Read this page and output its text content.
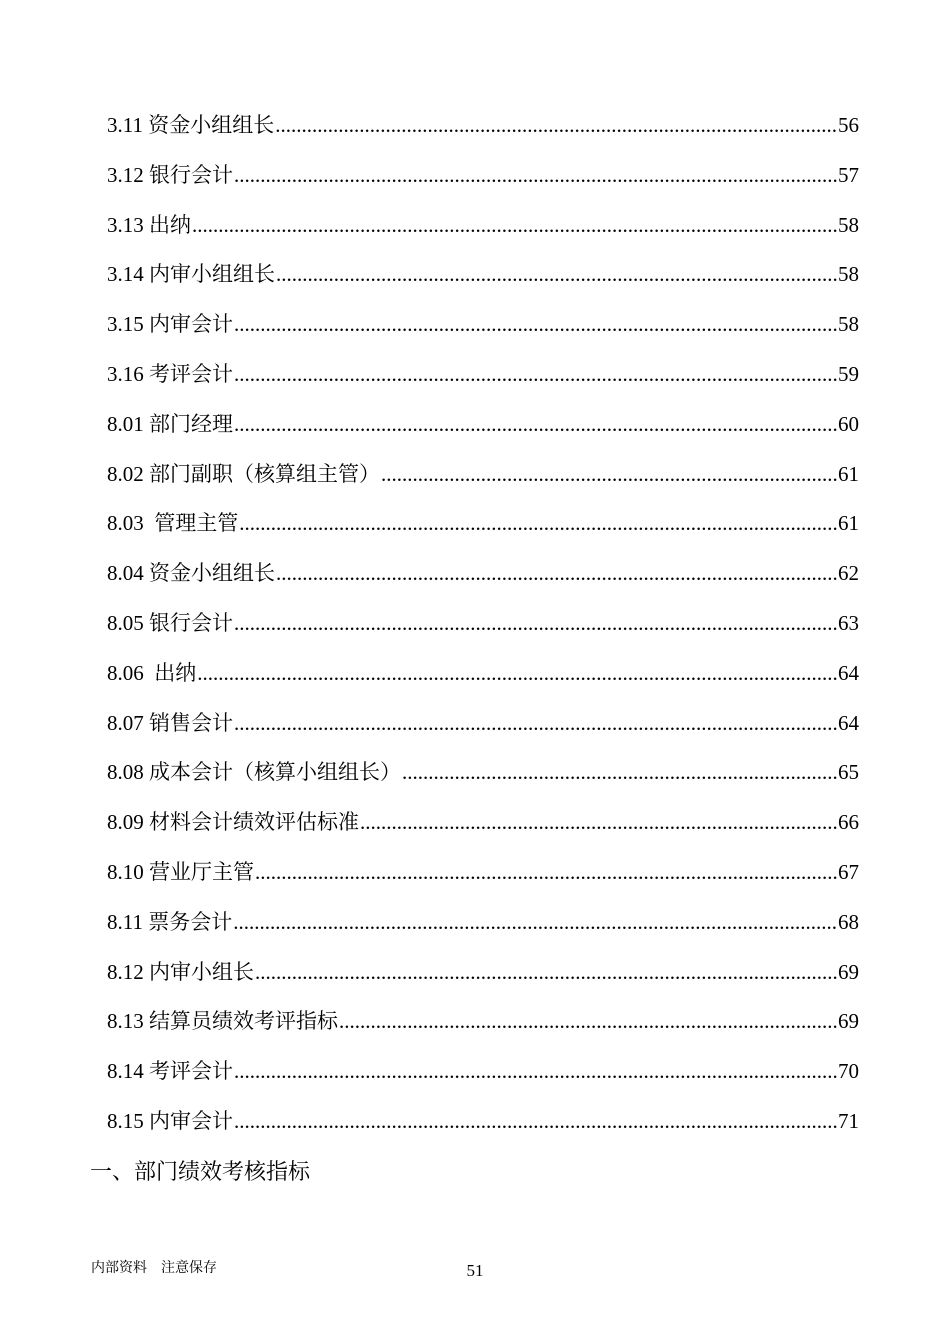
3.11 资金小组组长 .....	56
3.12 银行会计 .....	57
3.13 出纳 .....	58
3.14 内审小组组长 .....	58
3.15 内审会计 .....	58
3.16 考评会计 .....	59
8.01 部门经理 .....	60
8.02 部门副职（核算组主管） .....	61
8.03  管理主管 .....	61
8.04 资金小组组长 .....	62
8.05 银行会计 .....	63
8.06  出纳 .....	64
8.07 销售会计 .....	64
8.08 成本会计（核算小组组长） .....	65
8.09 材料会计绩效评估标准 .....	66
8.10 营业厅主管 .....	67
8.11 票务会计 .....	68
8.12 内审小组长 .....	69
8.13 结算员绩效考评指标 .....	69
8.14 考评会计 .....	70
8.15 内审会计 .....	71
一、部门绩效考核指标
内部资料    注意保存	51
